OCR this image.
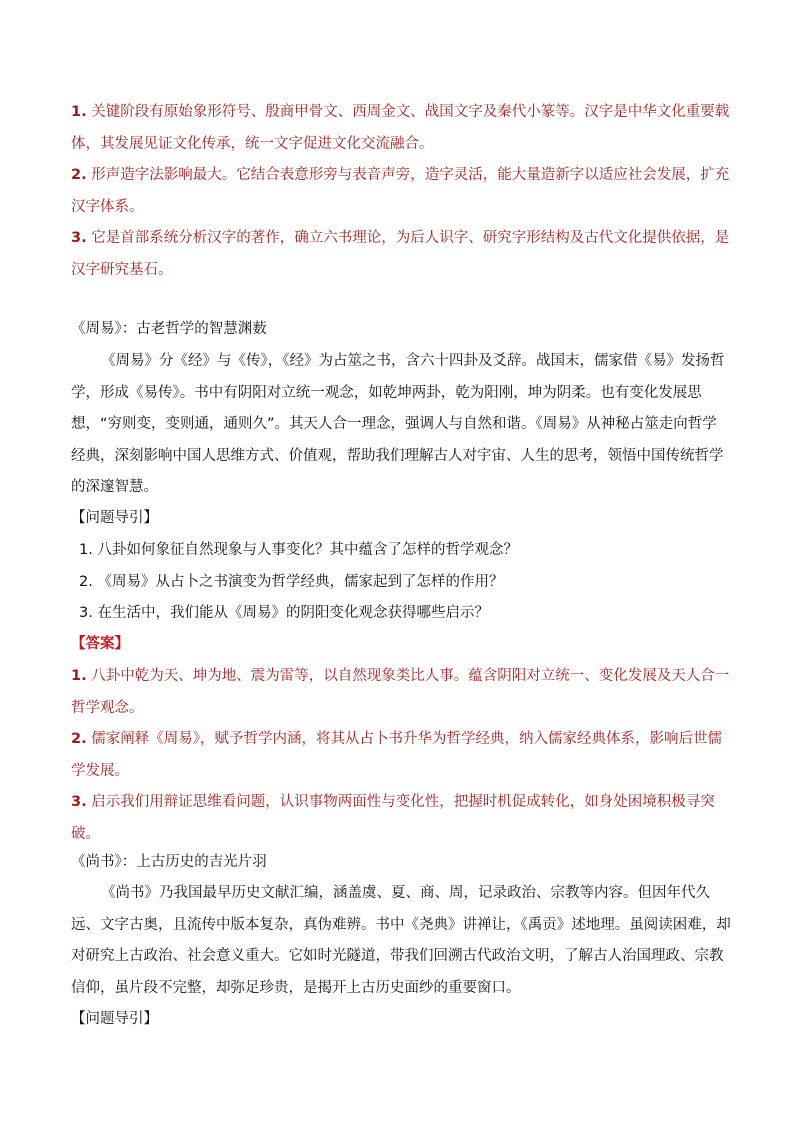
1. 关键阶段有原始象形符号、殷商甲骨文、西周金文、战国文字及秦代小篆等。汉字是中华文化重要载体，其发展见证文化传承，统一文字促进文化交流融合。
2. 形声造字法影响最大。它结合表意形旁与表音声旁，造字灵活，能大量造新字以适应社会发展，扩充汉字体系。
3. 它是首部系统分析汉字的著作，确立六书理论，为后人识字、研究字形结构及古代文化提供依据，是汉字研究基石。
《周易》：古老哲学的智慧渊薮
《周易》分《经》与《传》，《经》为占筮之书，含六十四卦及爻辞。战国末，儒家借《易》发扬哲学，形成《易传》。书中有阴阳对立统一观念，如乾坤两卦，乾为阳刚，坤为阴柔。也有变化发展思想，“穷则变，变则通，通则久”。其天人合一理念，强调人与自然和谐。《周易》从神秘占筮走向哲学经典，深刻影响中国人思维方式、价值观，帮助我们理解古人对宇宙、人生的思考，领悟中国传统哲学的深邃智慧。
【问题导引】
1. 八卦如何象征自然现象与人事变化？其中蕴含了怎样的哲学观念？
2. 《周易》从占卜之书演变为哲学经典，儒家起到了怎样的作用？
3. 在生活中，我们能从《周易》的阴阳变化观念获得哪些启示？
【答案】
1. 八卦中乾为天、坤为地、震为雷等，以自然现象类比人事。蕴含阴阳对立统一、变化发展及天人合一哲学观念。
2. 儒家阐释《周易》，赋予哲学内涵，将其从占卜书升华为哲学经典，纳入儒家经典体系，影响后世儒学发展。
3. 启示我们用辩证思维看问题，认识事物两面性与变化性，把握时机促成转化，如身处困境积极寻突破。
《尚书》：上古历史的吉光片羽
《尚书》乃我国最早历史文献汇编，涵盖虞、夏、商、周，记录政治、宗教等内容。但因年代久远、文字古奥，且流传中版本复杂，真伪难辨。书中《尧典》讲禅让，《禹贡》述地理。虽阅读困难，却对研究上古政治、社会意义重大。它如时光隧道，带我们回溯古代政治文明，了解古人治国理政、宗教信仰，虽片段不完整，却弥足珍贵，是揭开上古历史面纱的重要窗口。
【问题导引】
